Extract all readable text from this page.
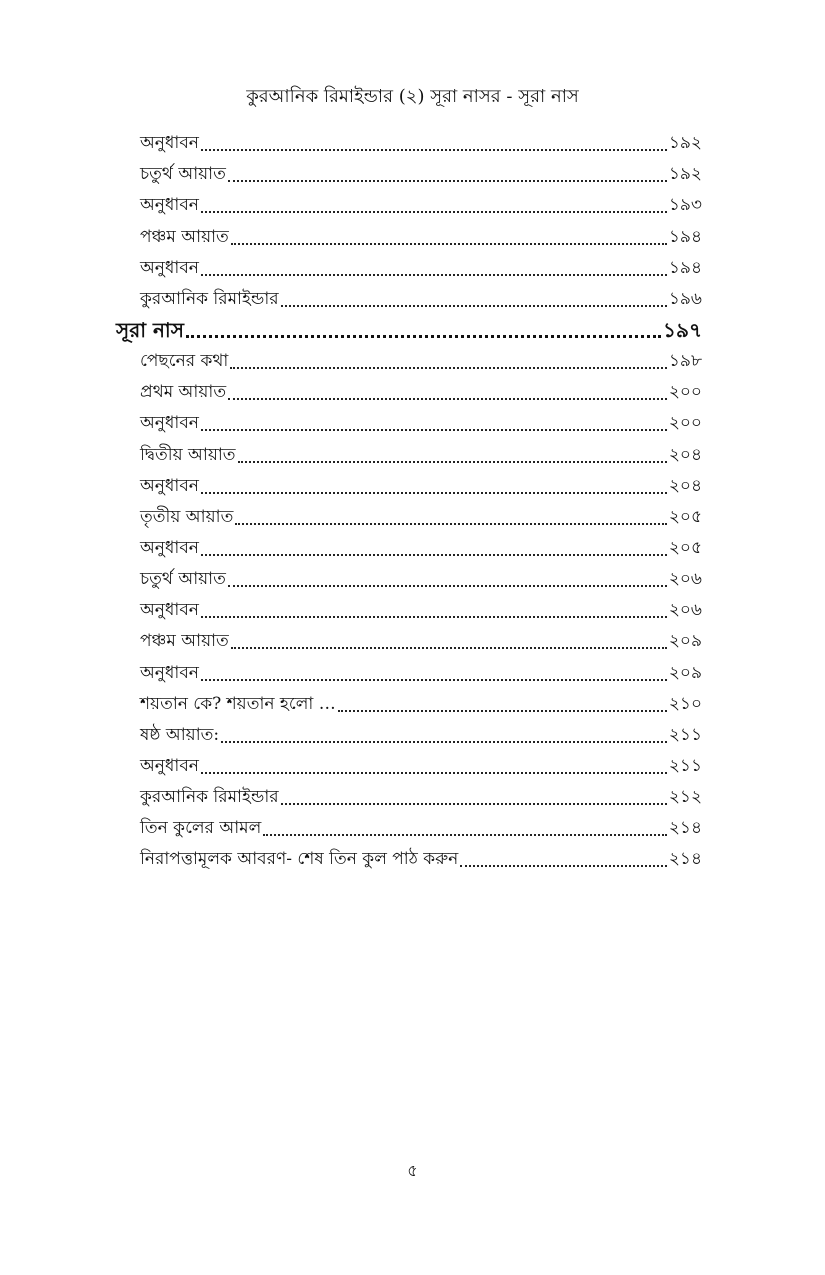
কুরআনিক রিমাইন্ডার (২) সূরা নাসর - সূরা নাস
অনুধাবন	১৯২
চতুর্থ আয়াত	১৯২
অনুধাবন	১৯৩
পঞ্চম আয়াত	১৯৪
অনুধাবন	১৯৪
কুরআনিক রিমাইন্ডার	১৯৬
সূরা নাস	১৯৭
পেছনের কথা	১৯৮
প্রথম আয়াত	২০০
অনুধাবন	২০০
দ্বিতীয় আয়াত	২০৪
অনুধাবন	২০৪
তৃতীয় আয়াত	২০৫
অনুধাবন	২০৫
চতুর্থ আয়াত	২০৬
অনুধাবন	২০৬
পঞ্চম আয়াত	২০৯
অনুধাবন	২০৯
শয়তান কে? শয়তান হলো …	২১০
ষষ্ঠ আয়াত:	২১১
অনুধাবন	২১১
কুরআনিক রিমাইন্ডার	২১২
তিন কুলের আমল	২১৪
নিরাপত্তামূলক আবরণ- শেষ তিন কুল পাঠ করুন	২১৪
৫
